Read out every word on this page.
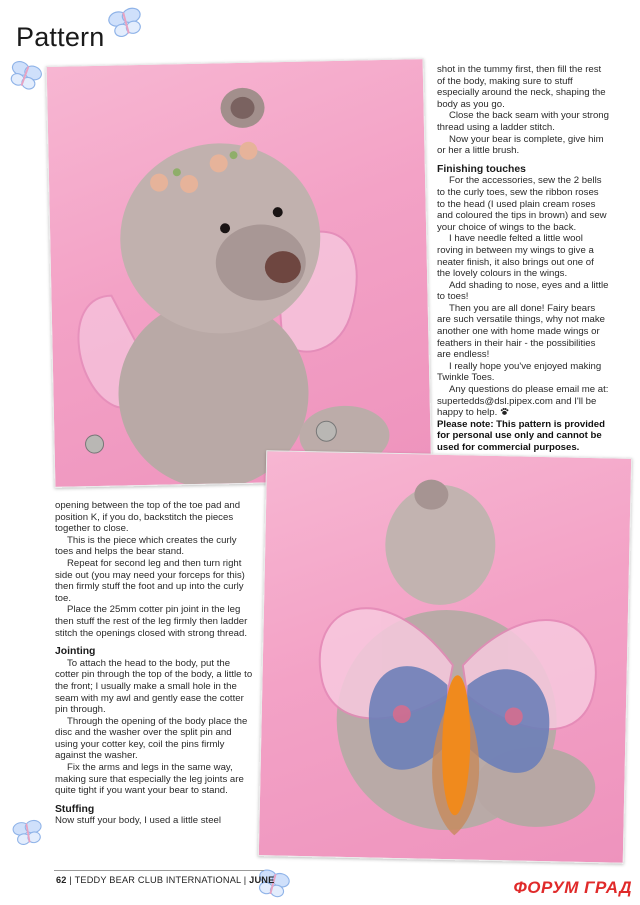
Pattern

shot in the tummy first, then fill the rest of the body, making sure to stuff especially around the neck, shaping the body as you go.

Close the back seam with your strong thread using a ladder stitch.

Now your bear is complete, give him or her a little brush.

Finishing touches

For the accessories, sew the 2 bells to the curly toes, sew the ribbon roses to the head (I used plain cream roses and coloured the tips in brown) and sew your choice of wings to the back.

I have needle felted a little wool roving in between my wings to give a neater finish, it also brings out one of the lovely colours in the wings.

Add shading to nose, eyes and a little to toes!

Then you are all done! Fairy bears are such versatile things, why not make another one with home made wings or feathers in their hair - the possibilities are endless!

I really hope you've enjoyed making Twinkle Toes.

Any questions do please email me at: supertedds@dsl.pipex.com and I'll be happy to help.

Please note: This pattern is provided for personal use only and cannot be used for commercial purposes.

opening between the top of the toe pad and position K, if you do, backstitch the pieces together to close.

This is the piece which creates the curly toes and helps the bear stand.

Repeat for second leg and then turn right side out (you may need your forceps for this) then firmly stuff the foot and up into the curly toe.

Place the 25mm cotter pin joint in the leg then stuff the rest of the leg firmly then ladder stitch the openings closed with strong thread.

Jointing

To attach the head to the body, put the cotter pin through the top of the body, a little to the front; I usually make a small hole in the seam with my awl and gently ease the cotter pin through.

Through the opening of the body place the disc and the washer over the split pin and using your cotter key, coil the pins firmly against the washer.

Fix the arms and legs in the same way, making sure that especially the leg joints are quite tight if you want your bear to stand.

Stuffing

Now stuff your body, I used a little steel

62 | TEDDY BEAR CLUB INTERNATIONAL | JUNE	ФОРУМ ГРАД
